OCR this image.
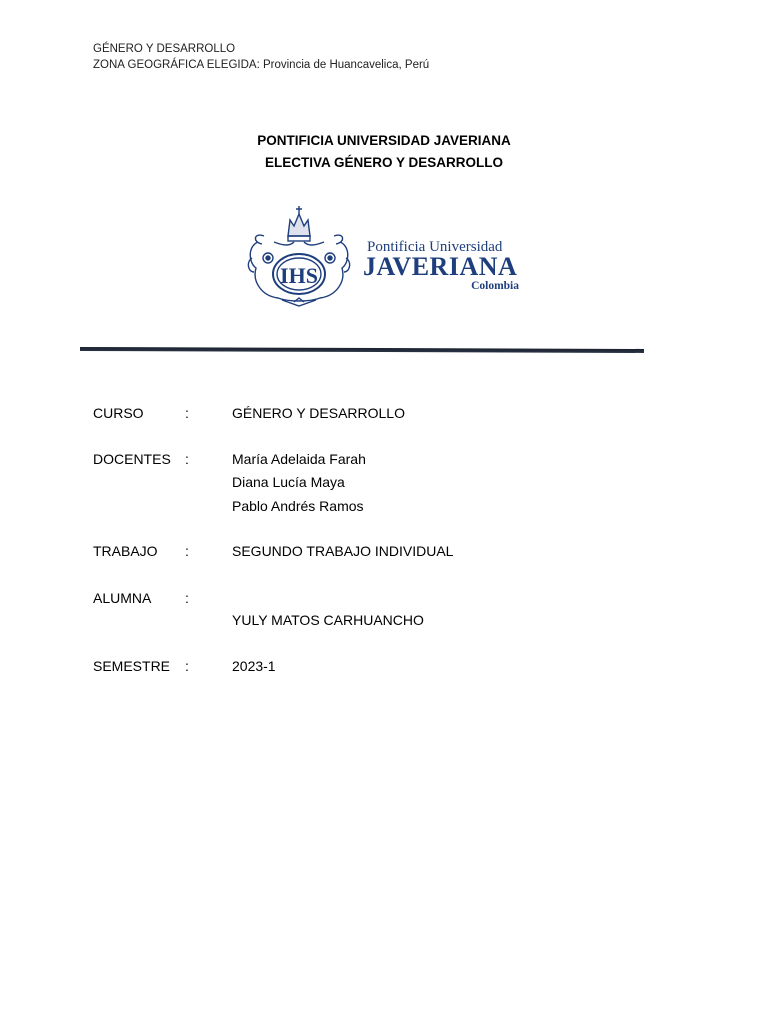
GÉNERO Y DESARROLLO
ZONA GEOGRÁFICA ELEGIDA: Provincia de Huancavelica, Perú
PONTIFICIA UNIVERSIDAD JAVERIANA
ELECTIVA GÉNERO Y DESARROLLO
IHS
Pontificia Universidad
JAVERIANA
Colombia
CURSO	:	GÉNERO Y DESARROLLO
DOCENTES :	María Adelaida Farah
Diana Lucía Maya
Pablo Andrés Ramos
TRABAJO :	SEGUNDO TRABAJO INDIVIDUAL
ALUMNA :
YULY MATOS CARHUANCHO
SEMESTRE :	2023-1
